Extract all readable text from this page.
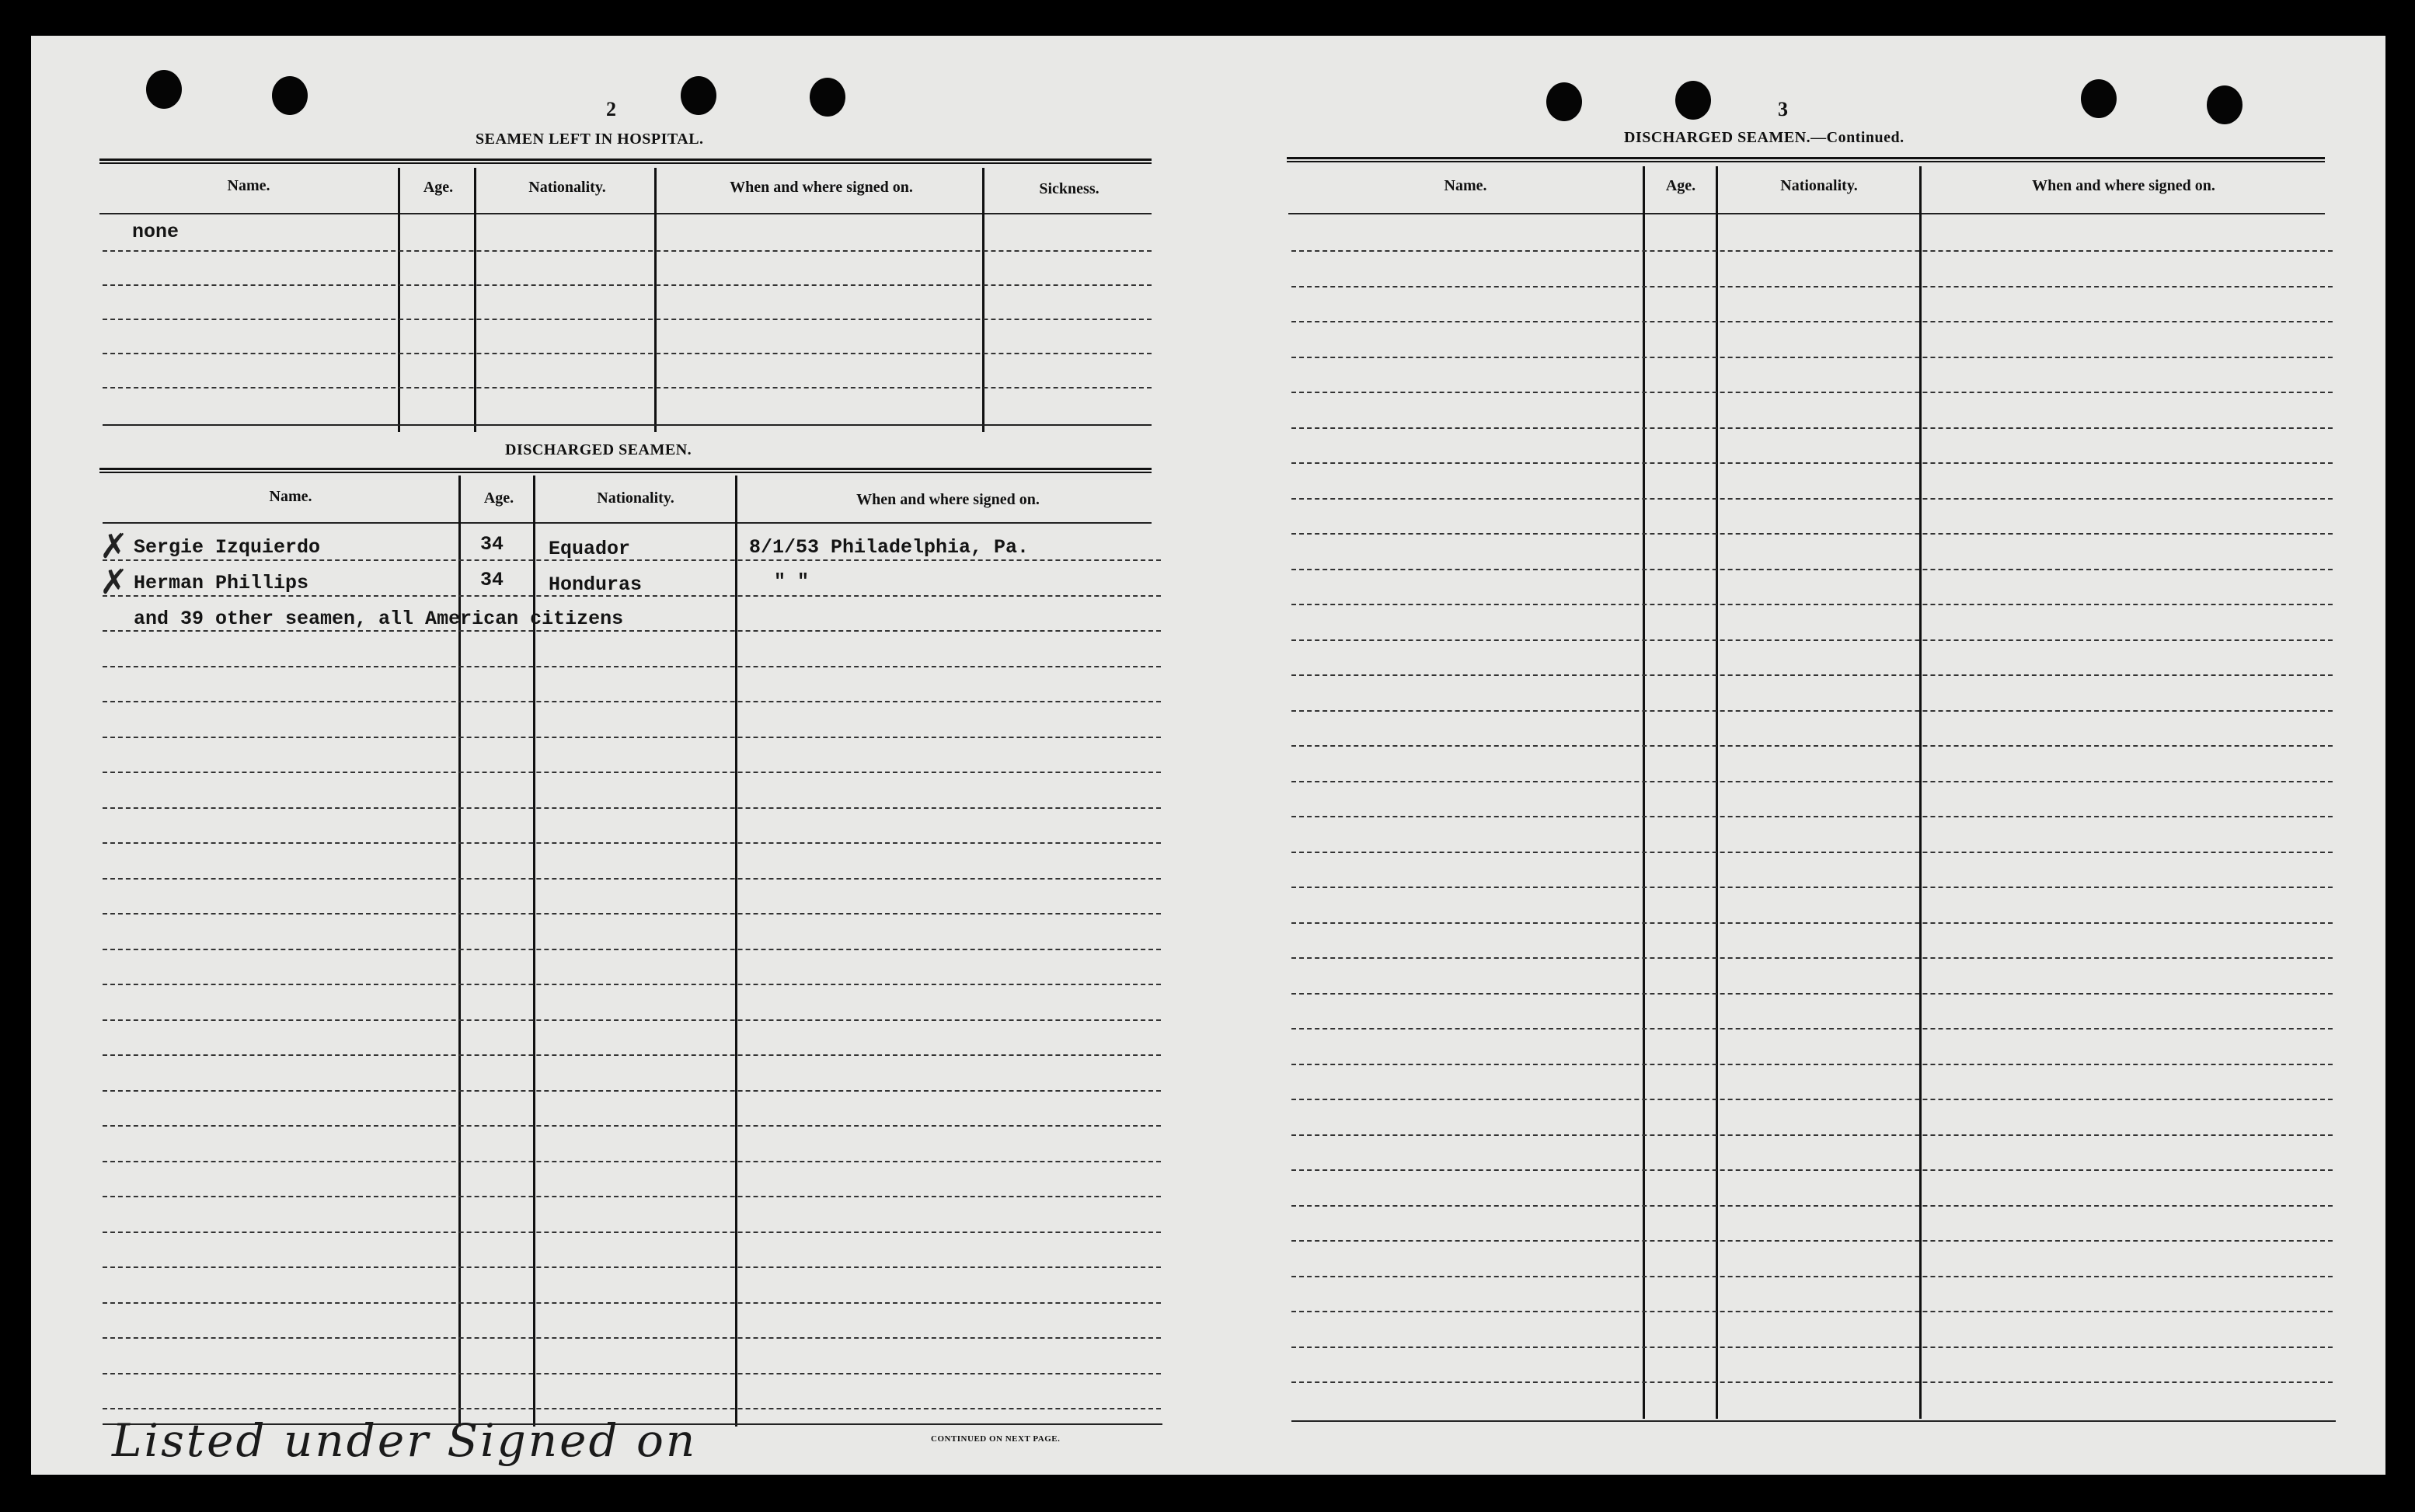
2
SEAMEN LEFT IN HOSPITAL.
Name.	Age.	Nationality.	When and where signed on.	Sickness.
none
DISCHARGED SEAMEN.
Name.	Age.	Nationality.	When and where signed on.
✗ Sergie Izquierdo	34 Equador	8/1/53 Philadelphia, Pa.
✗ Herman Phillips	34 Honduras	" "
and 39 other seamen, all American citizens
CONTINUED ON NEXT PAGE.
Listed under Signed on
3
DISCHARGED SEAMEN.—Continued.
Name.	Age.	Nationality.	When and where signed on.
